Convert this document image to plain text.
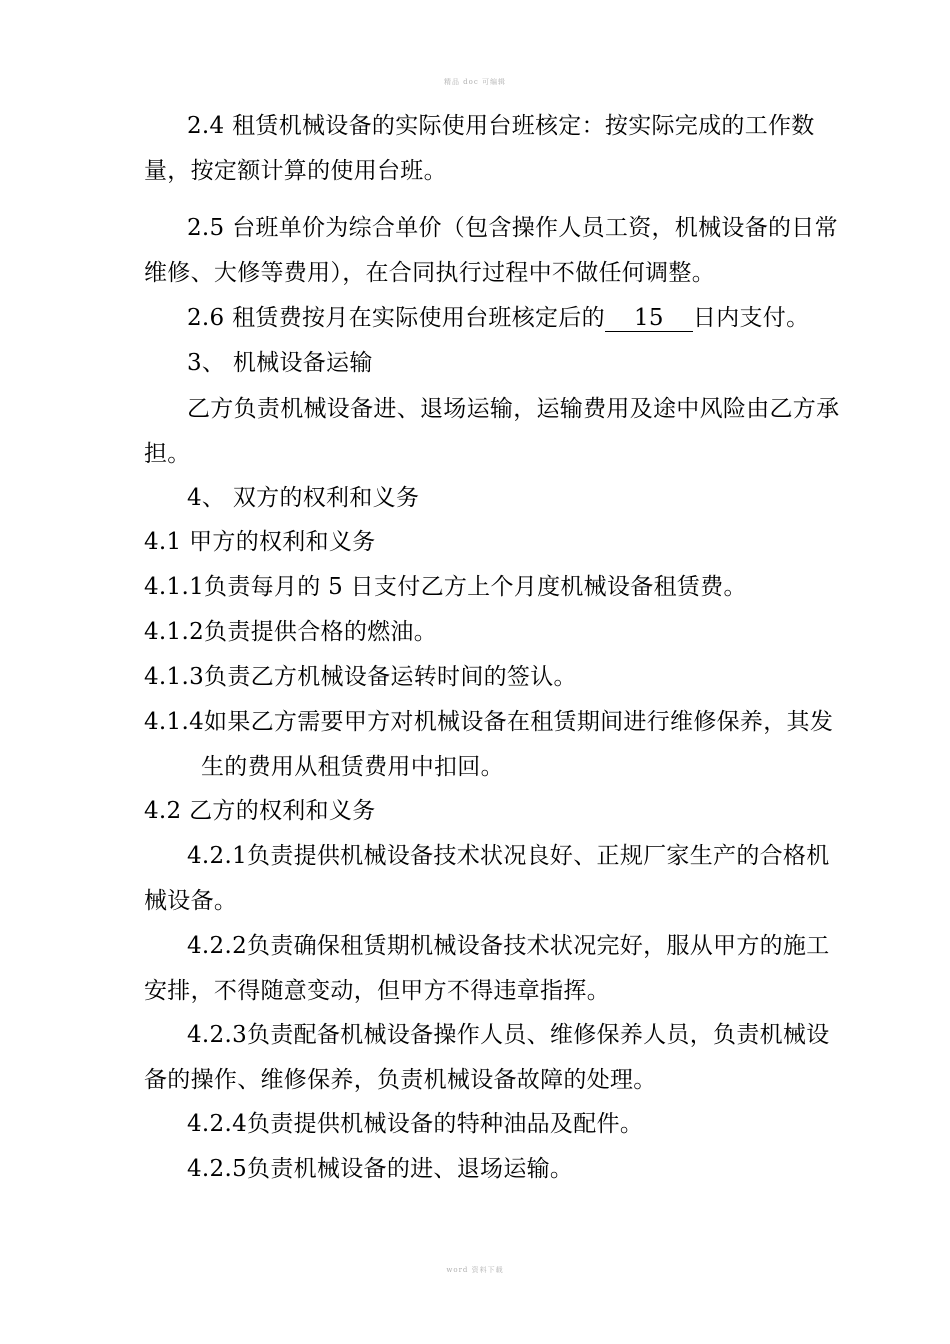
精品 doc 可编辑
2.4 租赁机械设备的实际使用台班核定：按实际完成的工作数
量，按定额计算的使用台班。
2.5 台班单价为综合单价（包含操作人员工资，机械设备的日常
维修、大修等费用），在合同执行过程中不做任何调整。
2.6 租赁费按月在实际使用台班核定后的 15 日内支付。
3、 机械设备运输
乙方负责机械设备进、退场运输，运输费用及途中风险由乙方承
担。
4、 双方的权利和义务
4.1 甲方的权利和义务
4.1.1负责每月的 5 日支付乙方上个月度机械设备租赁费。
4.1.2负责提供合格的燃油。
4.1.3负责乙方机械设备运转时间的签认。
4.1.4如果乙方需要甲方对机械设备在租赁期间进行维修保养，其发
生的费用从租赁费用中扣回。
4.2 乙方的权利和义务
4.2.1负责提供机械设备技术状况良好、正规厂家生产的合格机
械设备。
4.2.2负责确保租赁期机械设备技术状况完好，服从甲方的施工
安排，不得随意变动，但甲方不得违章指挥。
4.2.3负责配备机械设备操作人员、维修保养人员，负责机械设
备的操作、维修保养，负责机械设备故障的处理。
4.2.4负责提供机械设备的特种油品及配件。
4.2.5负责机械设备的进、退场运输。
word 资料下载
